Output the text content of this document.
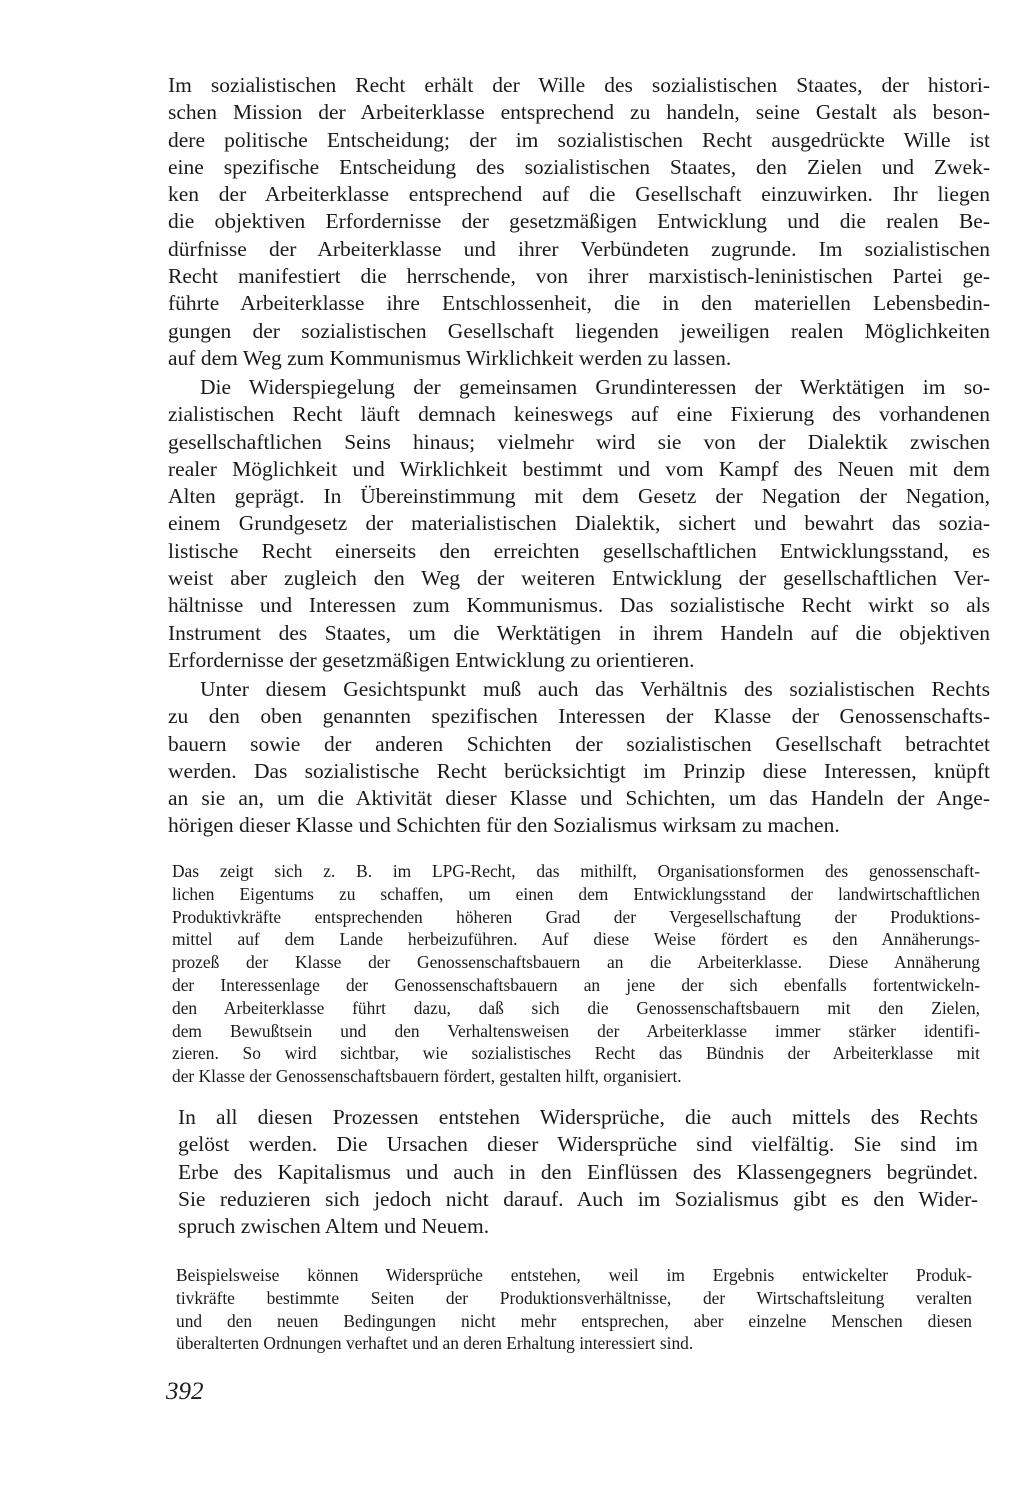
Im sozialistischen Recht erhält der Wille des sozialistischen Staates, der histori-
schen Mission der Arbeiterklasse entsprechend zu handeln, seine Gestalt als beson-
dere politische Entscheidung; der im sozialistischen Recht ausgedrückte Wille ist
eine spezifische Entscheidung des sozialistischen Staates, den Zielen und Zwek-
ken der Arbeiterklasse entsprechend auf die Gesellschaft einzuwirken. Ihr liegen
die objektiven Erfordernisse der gesetzmäßigen Entwicklung und die realen Be-
dürfnisse der Arbeiterklasse und ihrer Verbündeten zugrunde. Im sozialistischen
Recht manifestiert die herrschende, von ihrer marxistisch-leninistischen Partei ge-
führte Arbeiterklasse ihre Entschlossenheit, die in den materiellen Lebensbedin-
gungen der sozialistischen Gesellschaft liegenden jeweiligen realen Möglichkeiten
auf dem Weg zum Kommunismus Wirklichkeit werden zu lassen.
Die Widerspiegelung der gemeinsamen Grundinteressen der Werktätigen im so-
zialistischen Recht läuft demnach keineswegs auf eine Fixierung des vorhandenen
gesellschaftlichen Seins hinaus; vielmehr wird sie von der Dialektik zwischen
realer Möglichkeit und Wirklichkeit bestimmt und vom Kampf des Neuen mit dem
Alten geprägt. In Übereinstimmung mit dem Gesetz der Negation der Negation,
einem Grundgesetz der materialistischen Dialektik, sichert und bewahrt das sozia-
listische Recht einerseits den erreichten gesellschaftlichen Entwicklungsstand, es
weist aber zugleich den Weg der weiteren Entwicklung der gesellschaftlichen Ver-
hältnisse und Interessen zum Kommunismus. Das sozialistische Recht wirkt so als
Instrument des Staates, um die Werktätigen in ihrem Handeln auf die objektiven
Erfordernisse der gesetzmäßigen Entwicklung zu orientieren.
Unter diesem Gesichtspunkt muß auch das Verhältnis des sozialistischen Rechts
zu den oben genannten spezifischen Interessen der Klasse der Genossenschafts-
bauern sowie der anderen Schichten der sozialistischen Gesellschaft betrachtet
werden. Das sozialistische Recht berücksichtigt im Prinzip diese Interessen, knüpft
an sie an, um die Aktivität dieser Klasse und Schichten, um das Handeln der Ange-
hörigen dieser Klasse und Schichten für den Sozialismus wirksam zu machen.
Das zeigt sich z. B. im LPG-Recht, das mithilft, Organisationsformen des genossenschaft-
lichen Eigentums zu schaffen, um einen dem Entwicklungsstand der landwirtschaftlichen
Produktivkräfte entsprechenden höheren Grad der Vergesellschaftung der Produktions-
mittel auf dem Lande herbeizuführen. Auf diese Weise fördert es den Annäherungs-
prozeß der Klasse der Genossenschaftsbauern an die Arbeiterklasse. Diese Annäherung
der Interessenlage der Genossenschaftsbauern an jene der sich ebenfalls fortentwickeln-
den Arbeiterklasse führt dazu, daß sich die Genossenschaftsbauern mit den Zielen,
dem Bewußtsein und den Verhaltensweisen der Arbeiterklasse immer stärker identifi-
zieren. So wird sichtbar, wie sozialistisches Recht das Bündnis der Arbeiterklasse mit
der Klasse der Genossenschaftsbauern fördert, gestalten hilft, organisiert.
In all diesen Prozessen entstehen Widersprüche, die auch mittels des Rechts
gelöst werden. Die Ursachen dieser Widersprüche sind vielfältig. Sie sind im
Erbe des Kapitalismus und auch in den Einflüssen des Klassengegners begründet.
Sie reduzieren sich jedoch nicht darauf. Auch im Sozialismus gibt es den Wider-
spruch zwischen Altem und Neuem.
Beispielsweise können Widersprüche entstehen, weil im Ergebnis entwickelter Produk-
tivkräfte bestimmte Seiten der Produktionsverhältnisse, der Wirtschaftsleitung veralten
und den neuen Bedingungen nicht mehr entsprechen, aber einzelne Menschen diesen
überalterten Ordnungen verhaftet und an deren Erhaltung interessiert sind.

392
